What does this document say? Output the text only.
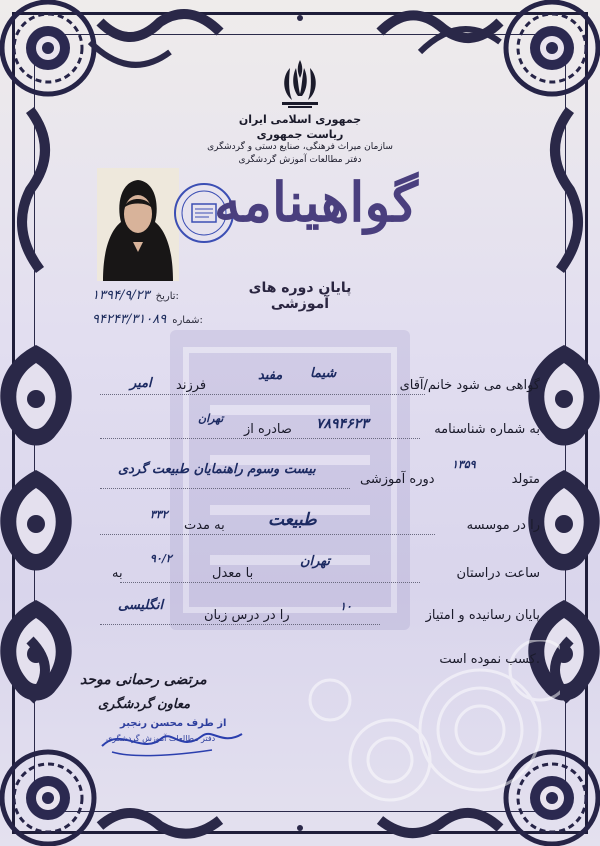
جمهوری اسلامی ایران
ریاست جمهوری
سازمان میراث فرهنگی، صنایع دستی و گردشگری
دفتر مطالعات آموزش گردشگری
گواهینامه
پایان دوره های آموزشی
۱۳۹۴/۹/۲۳ تاریخ:
۹۴۲۴۳/۳۱۰۸۹ شماره:
گواهی می شود خانم/آقای
شیما
مفید
فرزند
امیر
به شماره شناسنامه
۷۸۹۴۶۲۳
صادره از
تهران
متولد
۱۳۵۹
دوره آموزشی
بیست وسوم راهنمایان طبیعت گردی
را در موسسه
طبیعت
به مدت
۳۳۲
ساعت دراستان
تهران
با معدل
۹۰/۲
به
پایان رسانیده و امتیاز
۱۰
را در درس زبان
انگلیسی
کسب نموده است.
مرتضی رحمانی موحد
معاون گردشگری
از طرف محسن رنجبر
دفتر مطالعات آموزش گردشگری
